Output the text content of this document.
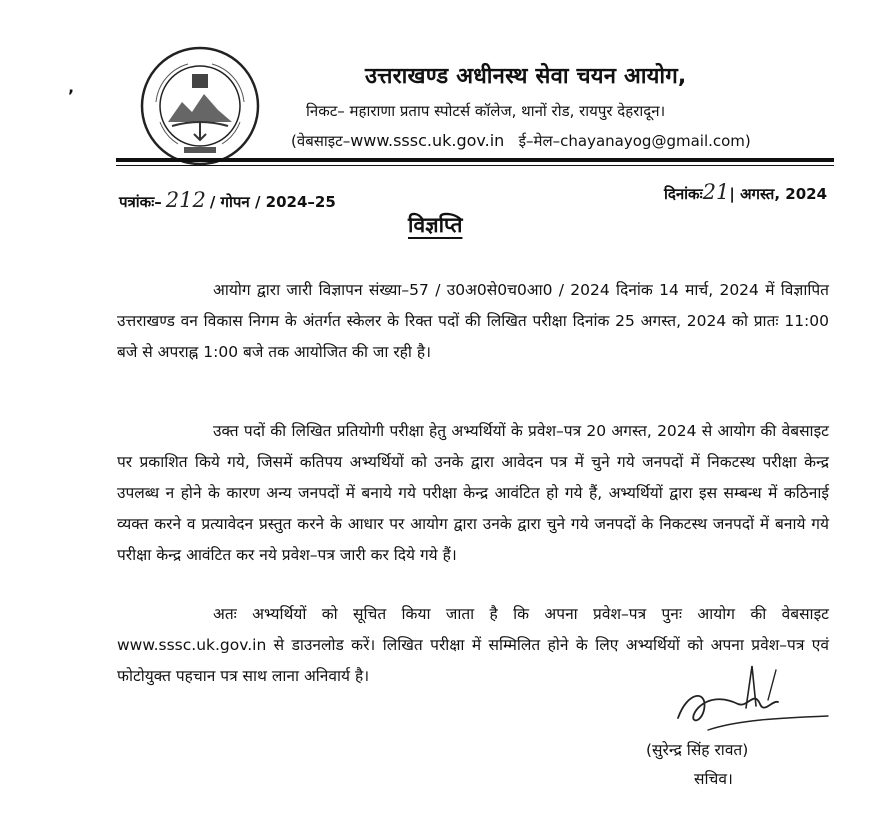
ʼ
उत्तराखण्ड अधीनस्थ सेवा चयन आयोग,
निकट– महाराणा प्रताप स्पोटर्स कॉलेज, थानों रोड, रायपुर देहरादून।
(वेबसाइट–www.sssc.uk.gov.in ई–मेल–chayanayog@gmail.com)
पत्रांकः– 212 / गोपन / 2024–25	दिनांकः21| अगस्त, 2024
विज्ञप्ति

आयोग द्वारा जारी विज्ञापन संख्या–57 / उ0अ0से0च0आ0 / 2024 दिनांक 14 मार्च, 2024 में विज्ञापित उत्तराखण्ड वन विकास निगम के अंतर्गत स्केलर के रिक्त पदों की लिखित परीक्षा दिनांक 25 अगस्त, 2024 को प्रातः 11:00 बजे से अपराह्न 1:00 बजे तक आयोजित की जा रही है।

उक्त पदों की लिखित प्रतियोगी परीक्षा हेतु अभ्यर्थियों के प्रवेश–पत्र 20 अगस्त, 2024 से आयोग की वेबसाइट पर प्रकाशित किये गये, जिसमें कतिपय अभ्यर्थियों को उनके द्वारा आवेदन पत्र में चुने गये जनपदों में निकटस्थ परीक्षा केन्द्र उपलब्ध न होने के कारण अन्य जनपदों में बनाये गये परीक्षा केन्द्र आवंटित हो गये हैं, अभ्यर्थियों द्वारा इस सम्बन्ध में कठिनाई व्यक्त करने व प्रत्यावेदन प्रस्तुत करने के आधार पर आयोग द्वारा उनके द्वारा चुने गये जनपदों के निकटस्थ जनपदों में बनाये गये परीक्षा केन्द्र आवंटित कर नये प्रवेश–पत्र जारी कर दिये गये हैं।

अतः अभ्यर्थियों को सूचित किया जाता है कि अपना प्रवेश–पत्र पुनः आयोग की वेबसाइट www.sssc.uk.gov.in से डाउनलोड करें। लिखित परीक्षा में सम्मिलित होने के लिए अभ्यर्थियों को अपना प्रवेश–पत्र एवं फोटोयुक्त पहचान पत्र साथ लाना अनिवार्य है।

(सुरेन्द्र सिंह रावत)
सचिव।
